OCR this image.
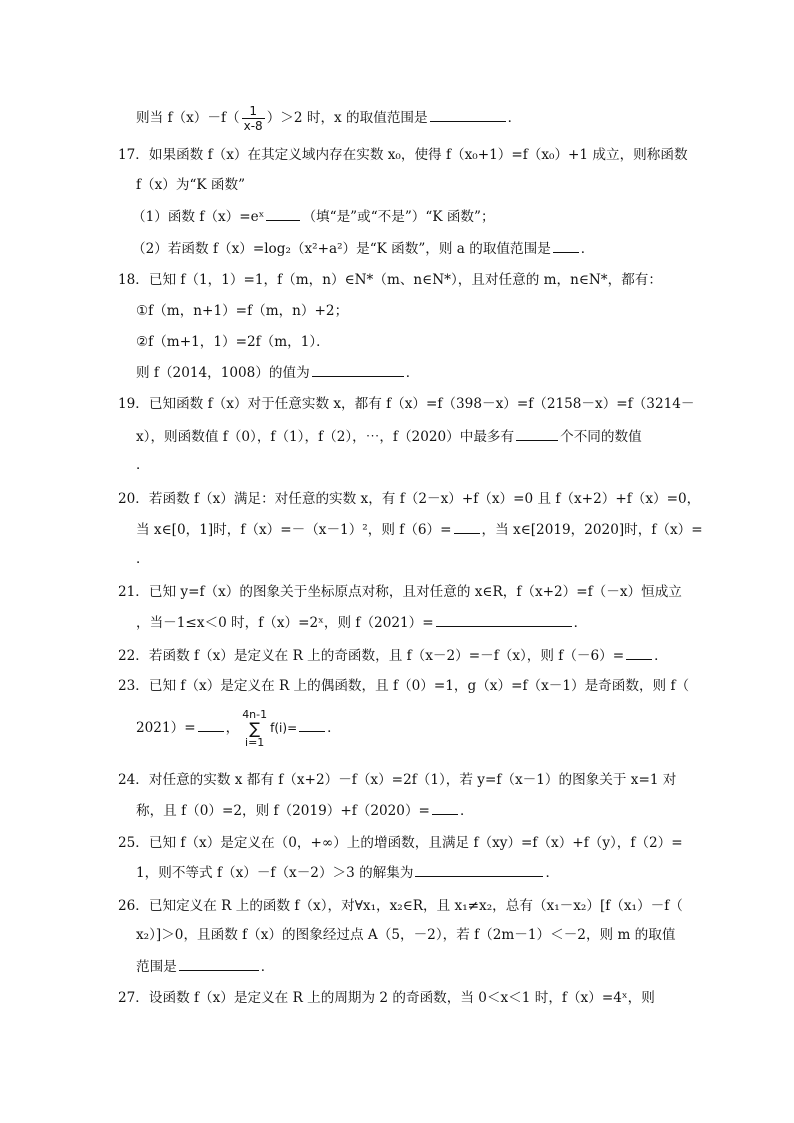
则当 $f(x)-f( \frac{1}{x-8} )>2$ 时，x 的取值范围是	．
17．如果函数 f（x）在其定义域内存在实数 x₀，使得 f（x₀+1）=f（x₀）+1 成立，则称函数
f（x）为“K 函数”
（1）函数 f（x）=eˣ	（填“是”或“不是”）“K 函数”；
（2）若函数 f（x）=log₂（x²+a²）是“K 函数”，则 a 的取值范围是 ．
18．已知 f（1，1）=1，f（m，n）∈N*（m、n∈N*），且对任意的 m，n∈N*，都有：
①f（m，n+1）=f（m，n）+2；
②f（m+1，1）=2f（m，1）．
则 f（2014，1008）的值为	．
19．已知函数 f（x）对于任意实数 x，都有 f（x）=f（398－x）=f（2158－x）=f（3214－
x），则函数值 f（0），f（1），f（2），⋯，f（2020）中最多有	个不同的数值
．
20．若函数 f（x）满足：对任意的实数 x，有 f（2－x）+f（x）=0 且 f（x+2）+f（x）=0，
当 x∈[0，1]时，f（x）=－（x－1）²，则 f（6）= ，当 x∈[2019，2020]时，f（x）=
．
21．已知 y=f（x）的图象关于坐标原点对称，且对任意的 x∈R，f（x+2）=f（－x）恒成立
，当－1≤x＜0 时，f（x）=2ˣ，则 f（2021）=	．
22．若函数 f（x）是定义在 R 上的奇函数，且 f（x－2）=－f（x），则 f（－6）= ．
23．已知 f（x）是定义在 R 上的偶函数，且 f（0）=1，g（x）=f（x－1）是奇函数，则 f（
2021）= ，
4n-1
∑
i=1
f(i)= ．
24．对任意的实数 x 都有 f（x+2）－f（x）=2f（1），若 y=f（x－1）的图象关于 x=1 对
称，且 f（0）=2，则 f（2019）+f（2020）= ．
25．已知 f（x）是定义在（0，+∞）上的增函数，且满足 f（xy）=f（x）+f（y），f（2）=
1，则不等式 f（x）－f（x－2）＞3 的解集为	．
26．已知定义在 R 上的函数 f（x），对∀x₁，x₂∈R，且 x₁≠x₂，总有（x₁－x₂）[f（x₁）－f（
x₂）]＞0，且函数 f（x）的图象经过点 A（5，－2），若 f（2m－1）＜－2，则 m 的取值
范围是	．
27．设函数 f（x）是定义在 R 上的周期为 2 的奇函数，当 0＜x＜1 时，f（x）=4ˣ，则
